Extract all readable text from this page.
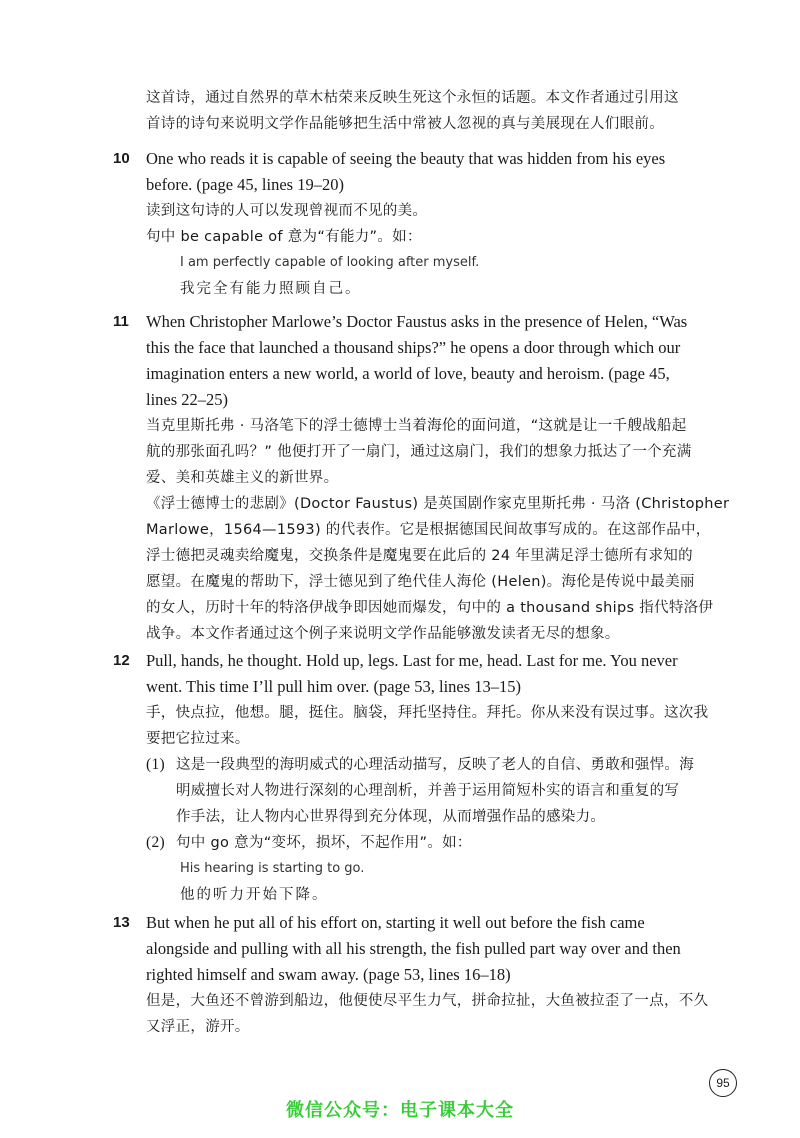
这首诗，通过自然界的草木枯荣来反映生死这个永恒的话题。本文作者通过引用这
首诗的诗句来说明文学作品能够把生活中常被人忽视的真与美展现在人们眼前。
10 One who reads it is capable of seeing the beauty that was hidden from his eyes
before. (page 45, lines 19–20)
读到这句诗的人可以发现曾视而不见的美。
句中 be capable of 意为“有能力”。如：
I am perfectly capable of looking after myself.
我完全有能力照顾自己。
11	When Christopher Marlowe’s Doctor Faustus asks in the presence of Helen, “Was
this the face that launched a thousand ships?” he opens a door through which our
imagination enters a new world, a world of love, beauty and heroism. (page 45,
lines 22–25)
当克里斯托弗 · 马洛笔下的浮士德博士当着海伦的面问道，“这就是让一千艘战船起
航的那张面孔吗？” 他便打开了一扇门，通过这扇门，我们的想象力抵达了一个充满
爱、美和英雄主义的新世界。
《浮士德博士的悲剧》(Doctor Faustus) 是英国剧作家克里斯托弗 · 马洛 (Christopher
Marlowe，1564—1593) 的代表作。它是根据德国民间故事写成的。在这部作品中，
浮士德把灵魂卖给魔鬼，交换条件是魔鬼要在此后的 24 年里满足浮士德所有求知的
愿望。在魔鬼的帮助下，浮士德见到了绝代佳人海伦 (Helen)。海伦是传说中最美丽
的女人，历时十年的特洛伊战争即因她而爆发，句中的 a thousand ships 指代特洛伊
战争。本文作者通过这个例子来说明文学作品能够激发读者无尽的想象。
12 Pull, hands, he thought. Hold up, legs. Last for me, head. Last for me. You never
went. This time I’ll pull him over. (page 53, lines 13–15)
手，快点拉，他想。腿，挺住。脑袋，拜托坚持住。拜托。你从来没有误过事。这次我
要把它拉过来。
(1) 这是一段典型的海明威式的心理活动描写，反映了老人的自信、勇敢和强悍。海
明威擅长对人物进行深刻的心理剖析，并善于运用简短朴实的语言和重复的写
作手法，让人物内心世界得到充分体现，从而增强作品的感染力。
(2) 句中 go 意为“变坏，损坏，不起作用”。如：
His hearing is starting to go.
他的听力开始下降。
13 But when he put all of his effort on, starting it well out before the fish came
alongside and pulling with all his strength, the fish pulled part way over and then
righted himself and swam away. (page 53, lines 16–18)
但是，大鱼还不曾游到船边，他便使尽平生力气，拼命拉扯，大鱼被拉歪了一点，不久
又浮正，游开。
95
微信公众号：电子课本大全
